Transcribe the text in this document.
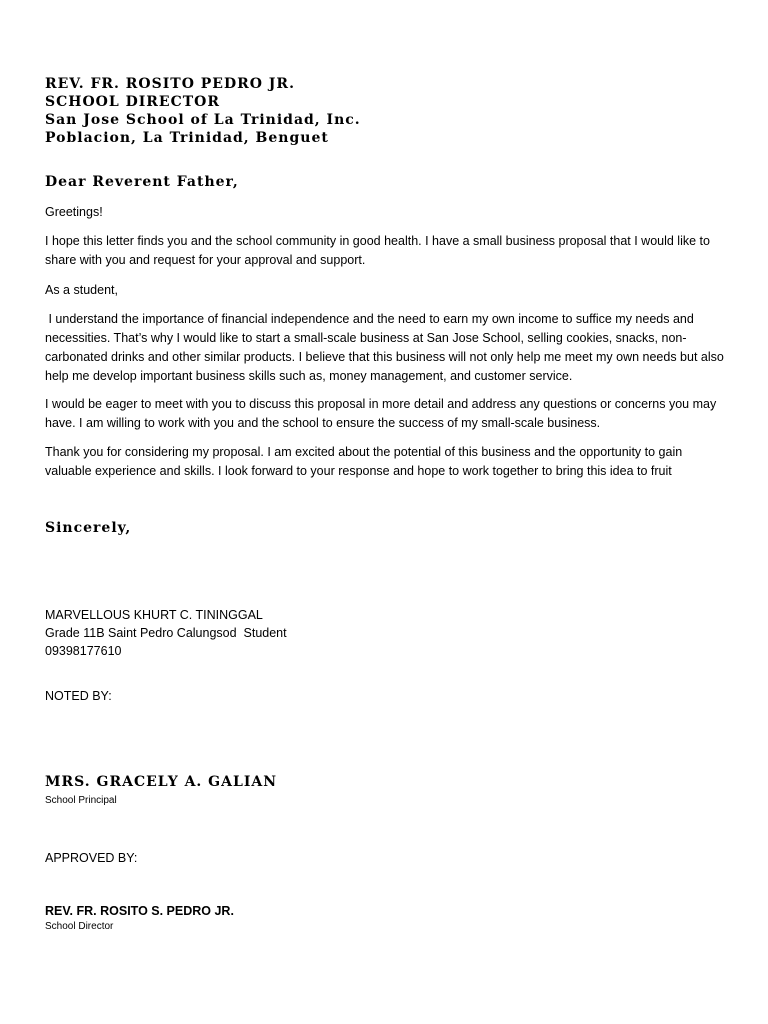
REV. FR. ROSITO PEDRO JR.
SCHOOL DIRECTOR
San Jose School of La Trinidad, Inc.
Poblacion, La Trinidad, Benguet
Dear Reverent Father,

Greetings!

I hope this letter finds you and the school community in good health. I have a small business proposal that I would like to share with you and request for your approval and support.

As a student,

I understand the importance of financial independence and the need to earn my own income to suffice my needs and necessities. That’s why I would like to start a small-scale business at San Jose School, selling cookies, snacks, non-carbonated drinks and other similar products. I believe that this business will not only help me meet my own needs but also help me develop important business skills such as, money management, and customer service.

I would be eager to meet with you to discuss this proposal in more detail and address any questions or concerns you may have. I am willing to work with you and the school to ensure the success of my small-scale business.

Thank you for considering my proposal. I am excited about the potential of this business and the opportunity to gain valuable experience and skills. I look forward to your response and hope to work together to bring this idea to fruit

Sincerely,
MARVELLOUS KHURT C. TININGGAL
Grade 11B Saint Pedro Calungsod  Student
09398177610
NOTED BY:
MRS. GRACELY A. GALIAN
School Principal
APPROVED BY:
REV. FR. ROSITO S. PEDRO JR.
School Director
